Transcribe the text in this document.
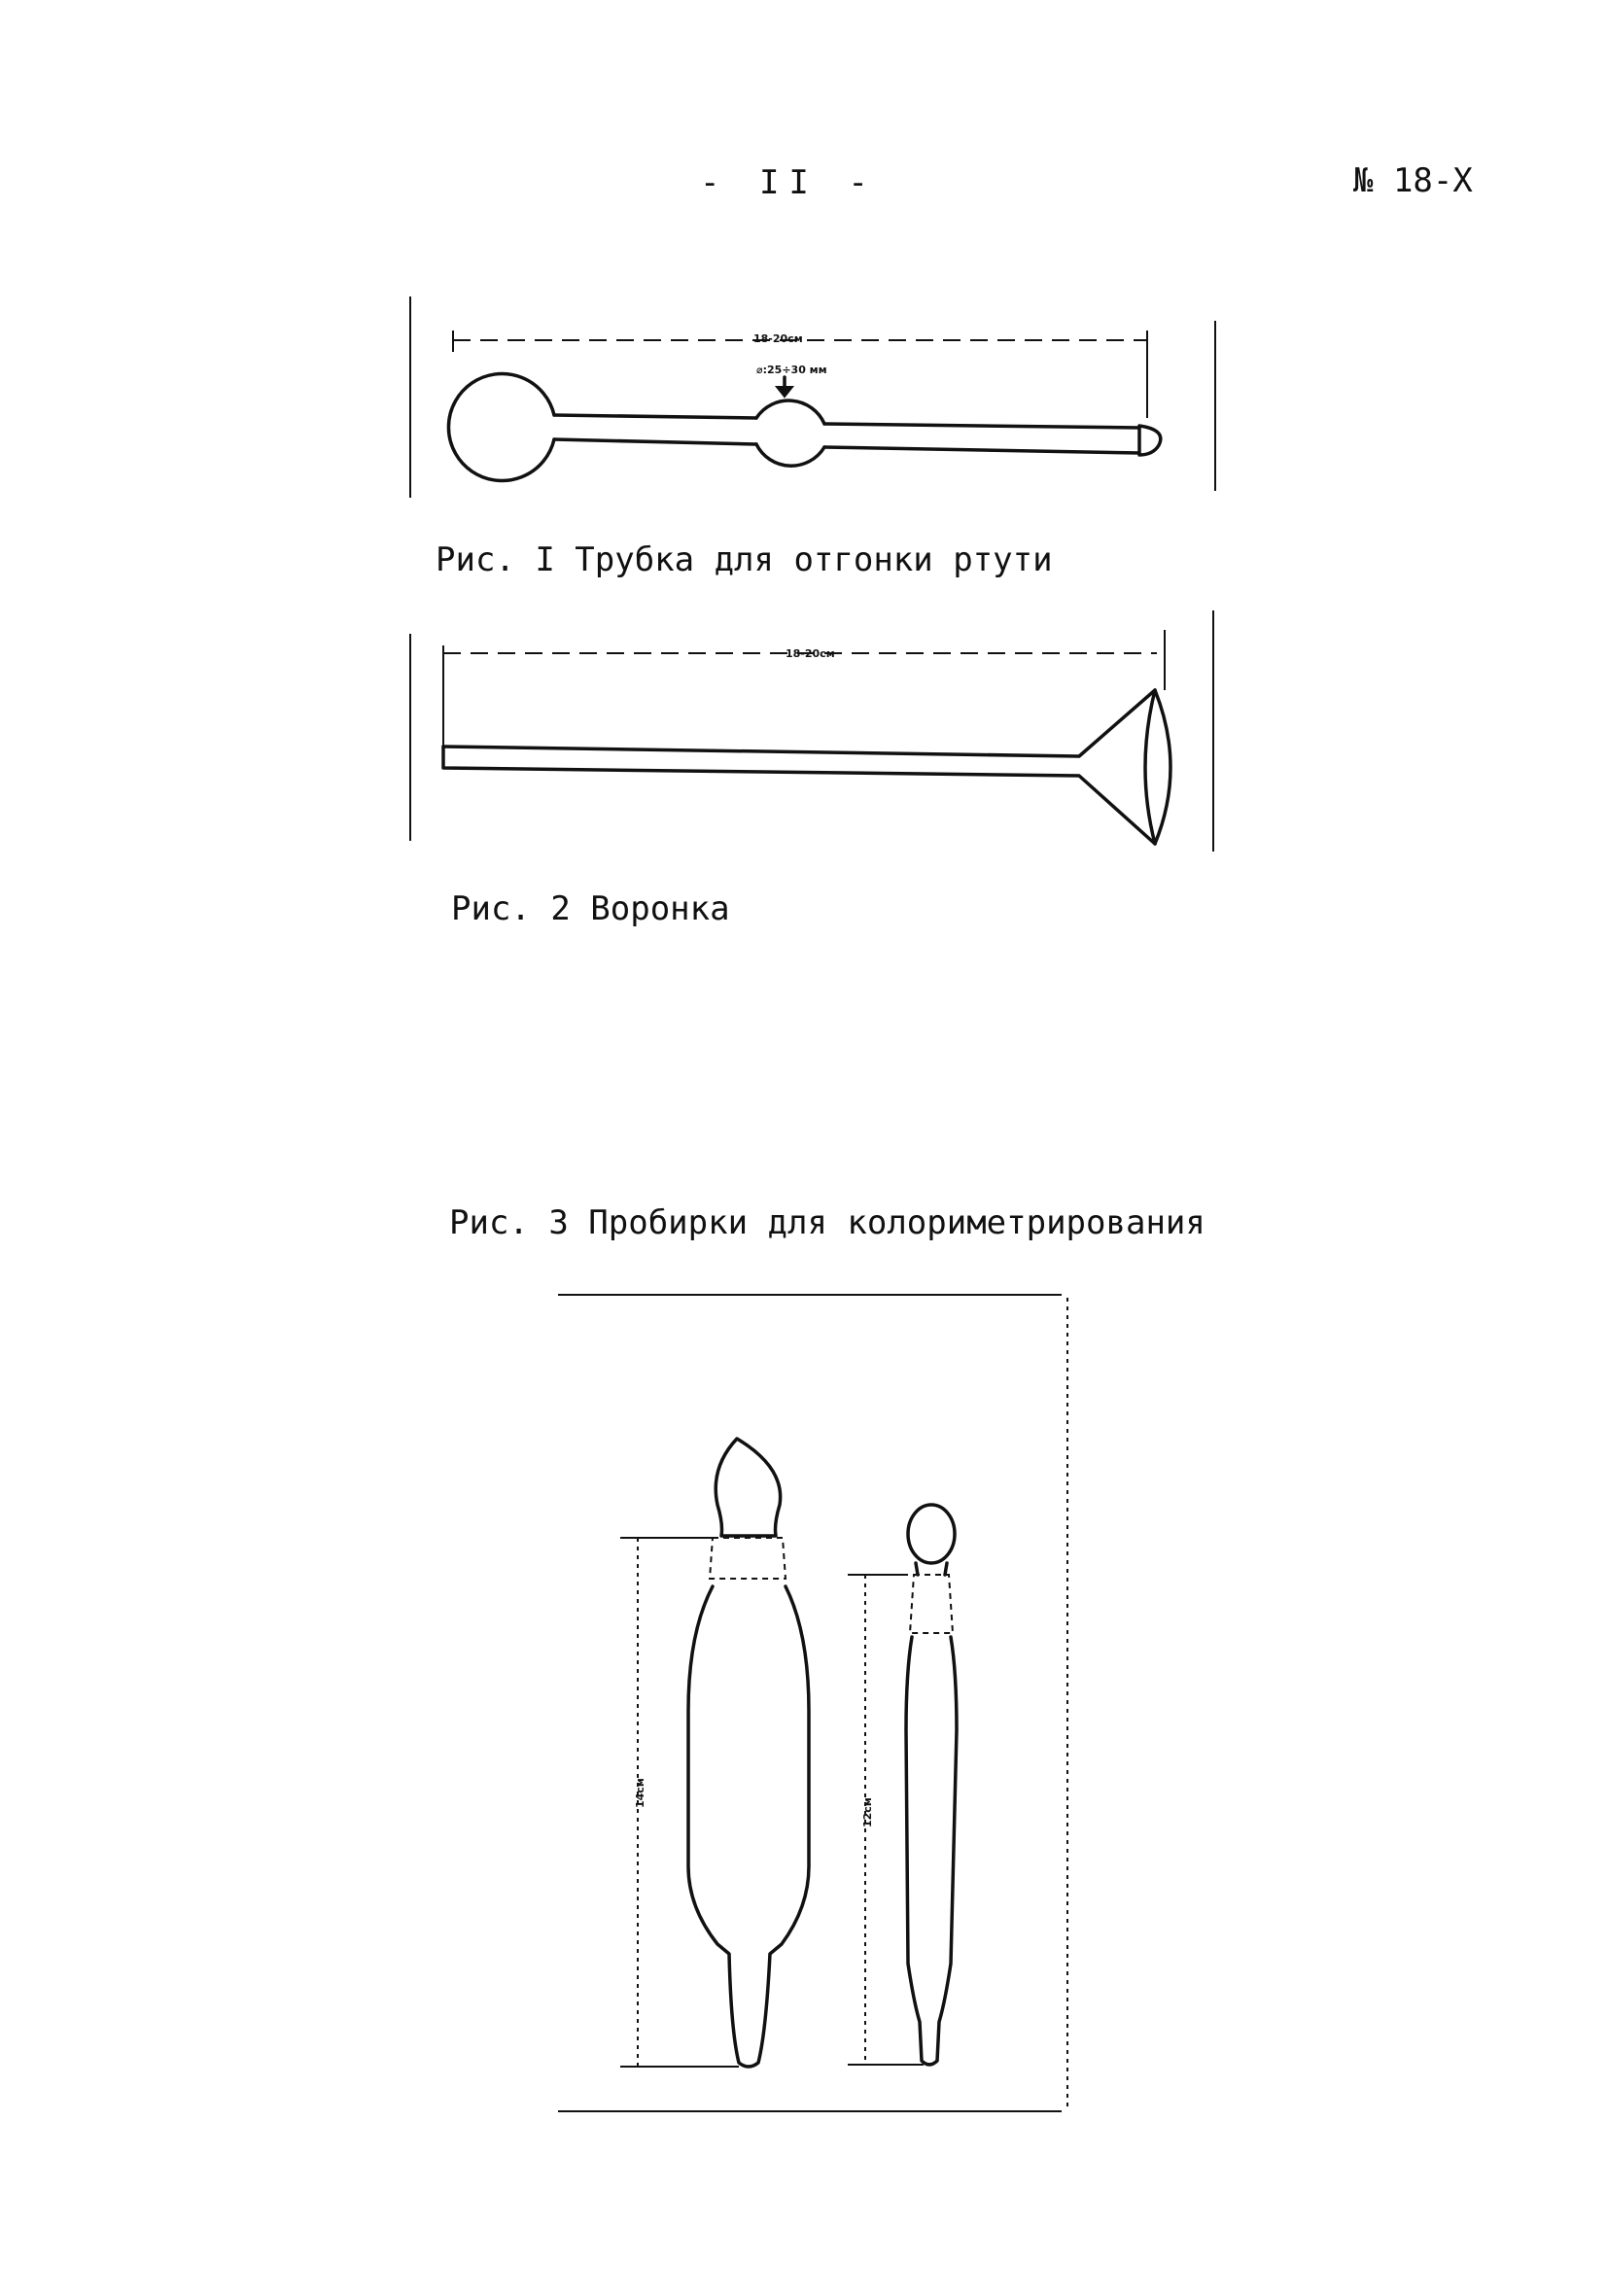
- II -	№ 18-Х
18-20см
⌀:25÷30 мм
18-20см
14см
12см
Рис. I Трубка для отгонки ртути
Рис. 2 Воронка
Рис. 3 Пробирки для колориметрирования
